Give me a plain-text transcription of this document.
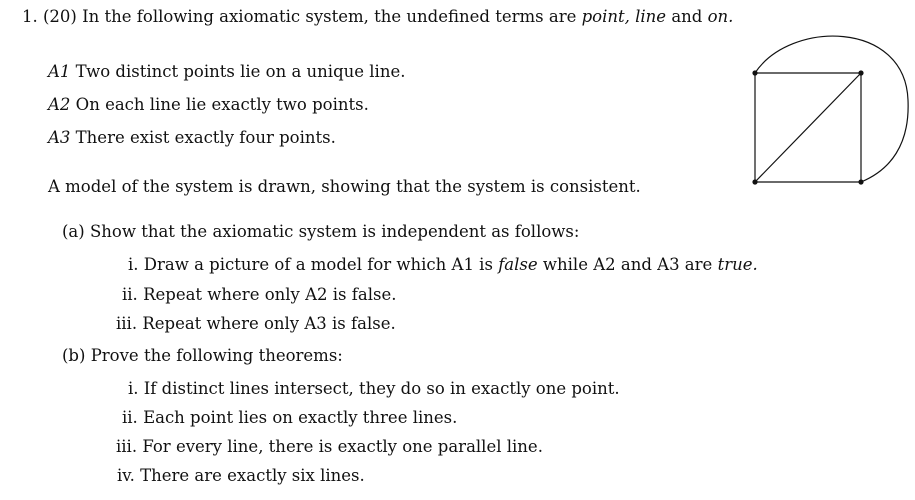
1. (20) In the following axiomatic system, the undefined terms are point, line and on.
A1 Two distinct points lie on a unique line.
A2 On each line lie exactly two points.
A3 There exist exactly four points.
A model of the system is drawn, showing that the system is consistent.
(a) Show that the axiomatic system is independent as follows:
i. Draw a picture of a model for which A1 is false while A2 and A3 are true.
ii. Repeat where only A2 is false.
iii. Repeat where only A3 is false.
(b) Prove the following theorems:
i. If distinct lines intersect, they do so in exactly one point.
ii. Each point lies on exactly three lines.
iii. For every line, there is exactly one parallel line.
iv. There are exactly six lines.
